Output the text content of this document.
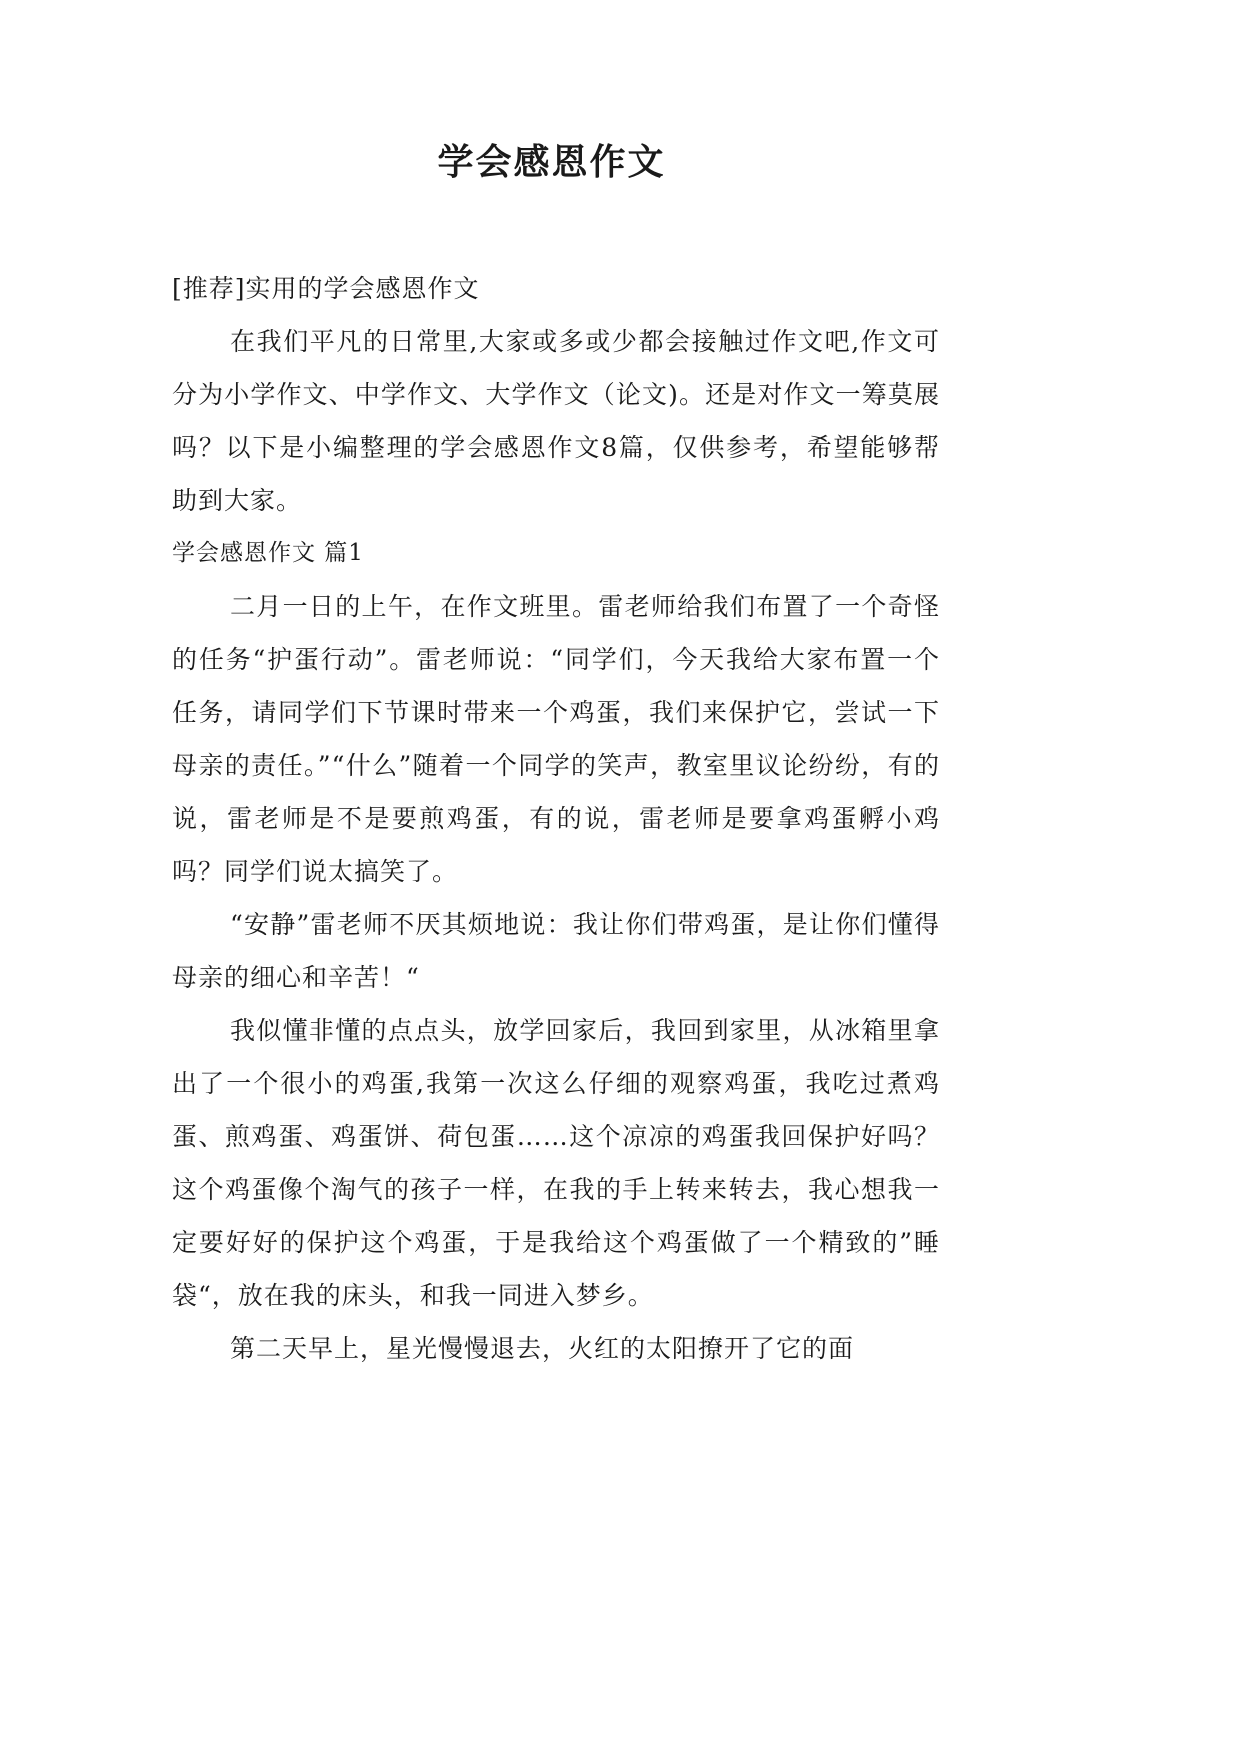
学会感恩作文

[推荐]实用的学会感恩作文

在我们平凡的日常里,大家或多或少都会接触过作文吧,作文可分为小学作文、中学作文、大学作文（论文)。还是对作文一筹莫展吗？以下是小编整理的学会感恩作文8篇，仅供参考，希望能够帮助到大家。

学会感恩作文 篇1

二月一日的上午，在作文班里。雷老师给我们布置了一个奇怪的任务“护蛋行动”。雷老师说：“同学们，今天我给大家布置一个任务，请同学们下节课时带来一个鸡蛋，我们来保护它，尝试一下母亲的责任。”“什么”随着一个同学的笑声，教室里议论纷纷，有的说，雷老师是不是要煎鸡蛋，有的说，雷老师是要拿鸡蛋孵小鸡吗？同学们说太搞笑了。

“安静”雷老师不厌其烦地说：我让你们带鸡蛋，是让你们懂得母亲的细心和辛苦！“

我似懂非懂的点点头，放学回家后，我回到家里，从冰箱里拿出了一个很小的鸡蛋,我第一次这么仔细的观察鸡蛋，我吃过煮鸡蛋、煎鸡蛋、鸡蛋饼、荷包蛋……这个凉凉的鸡蛋我回保护好吗？这个鸡蛋像个淘气的孩子一样，在我的手上转来转去，我心想我一定要好好的保护这个鸡蛋，于是我给这个鸡蛋做了一个精致的”睡袋“，放在我的床头，和我一同进入梦乡。

第二天早上，星光慢慢退去，火红的太阳撩开了它的面
